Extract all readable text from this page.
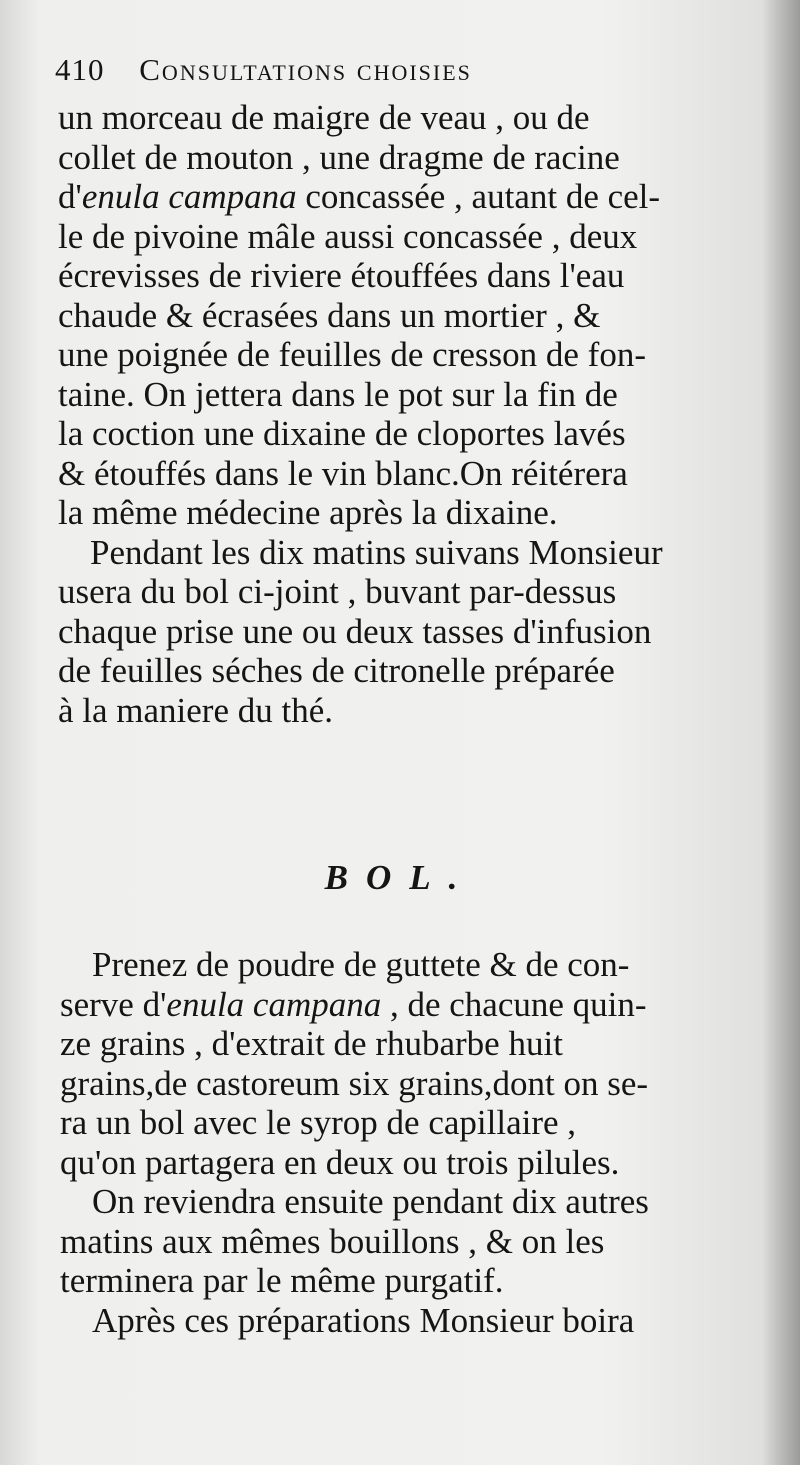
410 Consultations choisies
un morceau de maigre de veau , ou de
collet de mouton , une dragme de racine
d'enula campana concassée , autant de cel-
le de pivoine mâle aussi concassée , deux
écrevisses de riviere étouffées dans l'eau
chaude & écrasées dans un mortier , &
une poignée de feuilles de cresson de fon-
taine. On jettera dans le pot sur la fin de
la coction une dixaine de cloportes lavés
& étouffés dans le vin blanc.On réitérera
la même médecine après la dixaine.
Pendant les dix matins suivans Monsieur
usera du bol ci-joint , buvant par-dessus
chaque prise une ou deux tasses d'infusion
de feuilles séches de citronelle préparée
à la maniere du thé.
BOL.
Prenez de poudre de guttete & de con-
serve d'enula campana , de chacune quin-
ze grains , d'extrait de rhubarbe huit
grains,de castoreum six grains,dont on se-
ra un bol avec le syrop de capillaire ,
qu'on partagera en deux ou trois pilules.
On reviendra ensuite pendant dix autres
matins aux mêmes bouillons , & on les
terminera par le même purgatif.
Après ces préparations Monsieur boira
